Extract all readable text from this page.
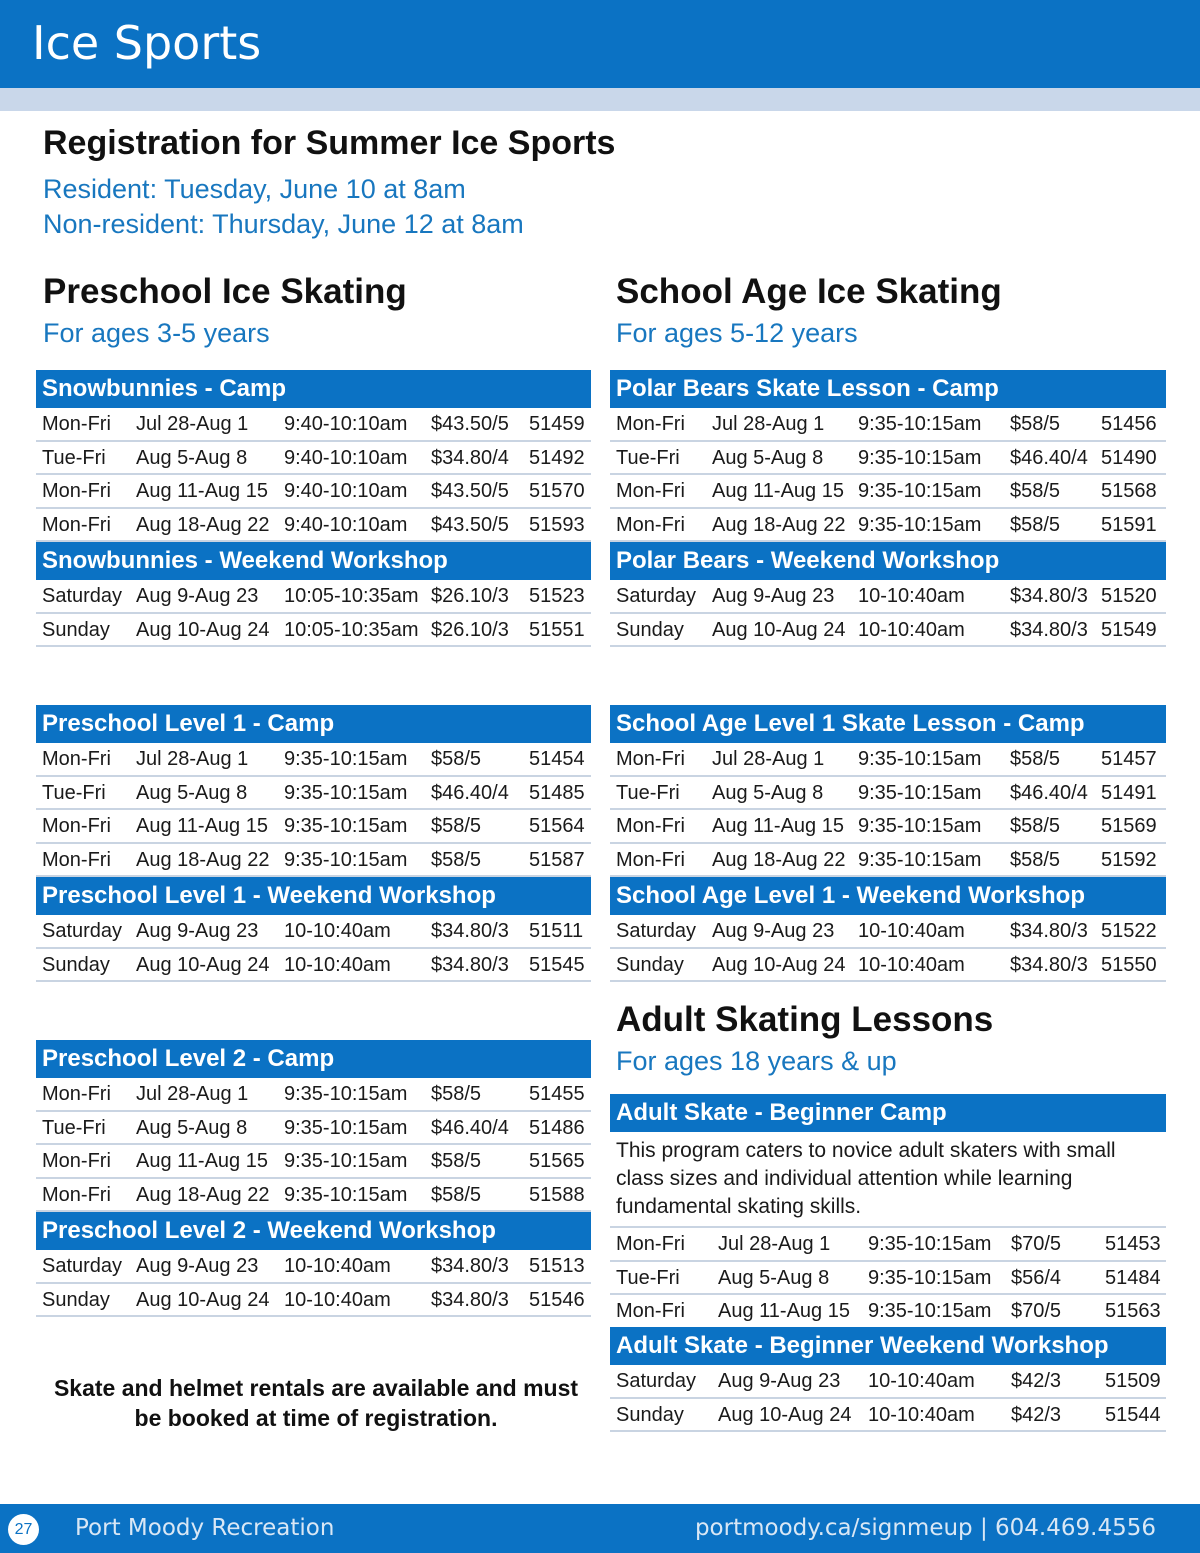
Ice Sports
Registration for Summer Ice Sports
Resident: Tuesday, June 10 at 8am
Non-resident: Thursday, June 12 at 8am
Preschool Ice Skating
For ages 3-5 years
School Age Ice Skating
For ages 5-12 years
Adult Skating Lessons
For ages 18 years & up
Snowbunnies - Camp
Mon-Fri Jul 28-Aug 1 9:40-10:10am $43.50/5 51459
Tue-Fri Aug 5-Aug 8 9:40-10:10am $34.80/4 51492
Mon-Fri Aug 11-Aug 15 9:40-10:10am $43.50/5 51570
Mon-Fri Aug 18-Aug 22 9:40-10:10am $43.50/5 51593
Snowbunnies - Weekend Workshop
Saturday Aug 9-Aug 23 10:05-10:35am $26.10/3 51523
Sunday Aug 10-Aug 24 10:05-10:35am $26.10/3 51551
Preschool Level 1 - Camp
Mon-Fri Jul 28-Aug 1 9:35-10:15am $58/5 51454
Tue-Fri Aug 5-Aug 8 9:35-10:15am $46.40/4 51485
Mon-Fri Aug 11-Aug 15 9:35-10:15am $58/5 51564
Mon-Fri Aug 18-Aug 22 9:35-10:15am $58/5 51587
Preschool Level 1 - Weekend Workshop
Saturday Aug 9-Aug 23 10-10:40am $34.80/3 51511
Sunday Aug 10-Aug 24 10-10:40am $34.80/3 51545
Preschool Level 2 - Camp
Mon-Fri Jul 28-Aug 1 9:35-10:15am $58/5 51455
Tue-Fri Aug 5-Aug 8 9:35-10:15am $46.40/4 51486
Mon-Fri Aug 11-Aug 15 9:35-10:15am $58/5 51565
Mon-Fri Aug 18-Aug 22 9:35-10:15am $58/5 51588
Preschool Level 2 - Weekend Workshop
Saturday Aug 9-Aug 23 10-10:40am $34.80/3 51513
Sunday Aug 10-Aug 24 10-10:40am $34.80/3 51546
Polar Bears Skate Lesson - Camp
Mon-Fri Jul 28-Aug 1 9:35-10:15am $58/5 51456
Tue-Fri Aug 5-Aug 8 9:35-10:15am $46.40/4 51490
Mon-Fri Aug 11-Aug 15 9:35-10:15am $58/5 51568
Mon-Fri Aug 18-Aug 22 9:35-10:15am $58/5 51591
Polar Bears - Weekend Workshop
Saturday Aug 9-Aug 23 10-10:40am $34.80/3 51520
Sunday Aug 10-Aug 24 10-10:40am $34.80/3 51549
School Age Level 1 Skate Lesson - Camp
Mon-Fri Jul 28-Aug 1 9:35-10:15am $58/5 51457
Tue-Fri Aug 5-Aug 8 9:35-10:15am $46.40/4 51491
Mon-Fri Aug 11-Aug 15 9:35-10:15am $58/5 51569
Mon-Fri Aug 18-Aug 22 9:35-10:15am $58/5 51592
School Age Level 1 - Weekend Workshop
Saturday Aug 9-Aug 23 10-10:40am $34.80/3 51522
Sunday Aug 10-Aug 24 10-10:40am $34.80/3 51550
Adult Skate - Beginner Camp
This program caters to novice adult skaters with small class sizes and individual attention while learning fundamental skating skills.
Mon-Fri Jul 28-Aug 1 9:35-10:15am $70/5 51453
Tue-Fri Aug 5-Aug 8 9:35-10:15am $56/4 51484
Mon-Fri Aug 11-Aug 15 9:35-10:15am $70/5 51563
Adult Skate - Beginner Weekend Workshop
Saturday Aug 9-Aug 23 10-10:40am $42/3 51509
Sunday Aug 10-Aug 24 10-10:40am $42/3 51544
Skate and helmet rentals are available and must be booked at time of registration.
27 Port Moody Recreation	portmoody.ca/signmeup | 604.469.4556
